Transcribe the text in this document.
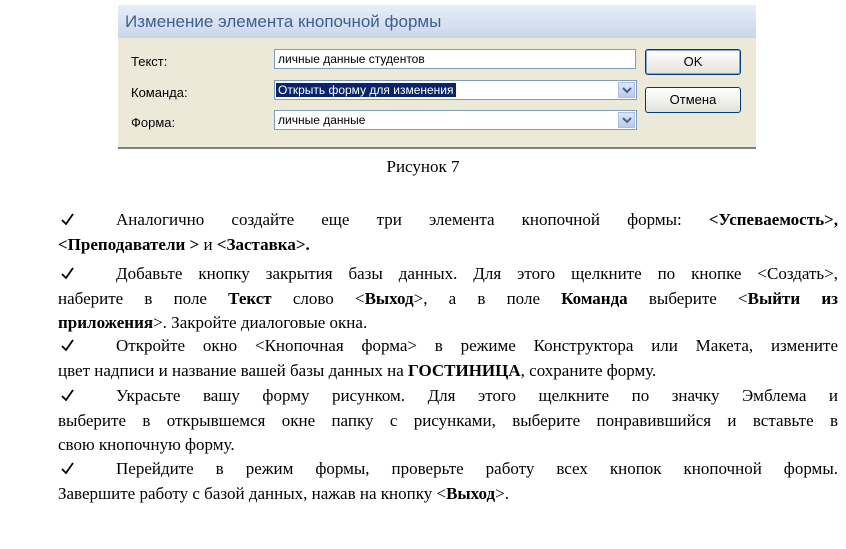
Изменение элемента кнопочной формы
Текст:	личные данные студентов
Команда:	Открыть форму для изменения
Форма:	личные данные
OK
Отмена
Рисунок 7
Аналогично создайте еще три элемента кнопочной формы: <Успеваемость>,
<Преподаватели > и <Заставка>.
Добавьте кнопку закрытия базы данных. Для этого щелкните по кнопке <Создать>,
наберите в поле Текст слово <Выход>, а в поле Команда выберите <Выйти из
приложения>. Закройте диалоговые окна.
Откройте окно <Кнопочная форма> в режиме Конструктора или Макета, измените
цвет надписи и название вашей базы данных на ГОСТИНИЦА, сохраните форму.
Украсьте вашу форму рисунком. Для этого щелкните по значку Эмблема и
выберите в открывшемся окне папку с рисунками, выберите понравившийся и вставьте в
свою кнопочную форму.
Перейдите в режим формы, проверьте работу всех кнопок кнопочной формы.
Завершите работу с базой данных, нажав на кнопку <Выход>.
